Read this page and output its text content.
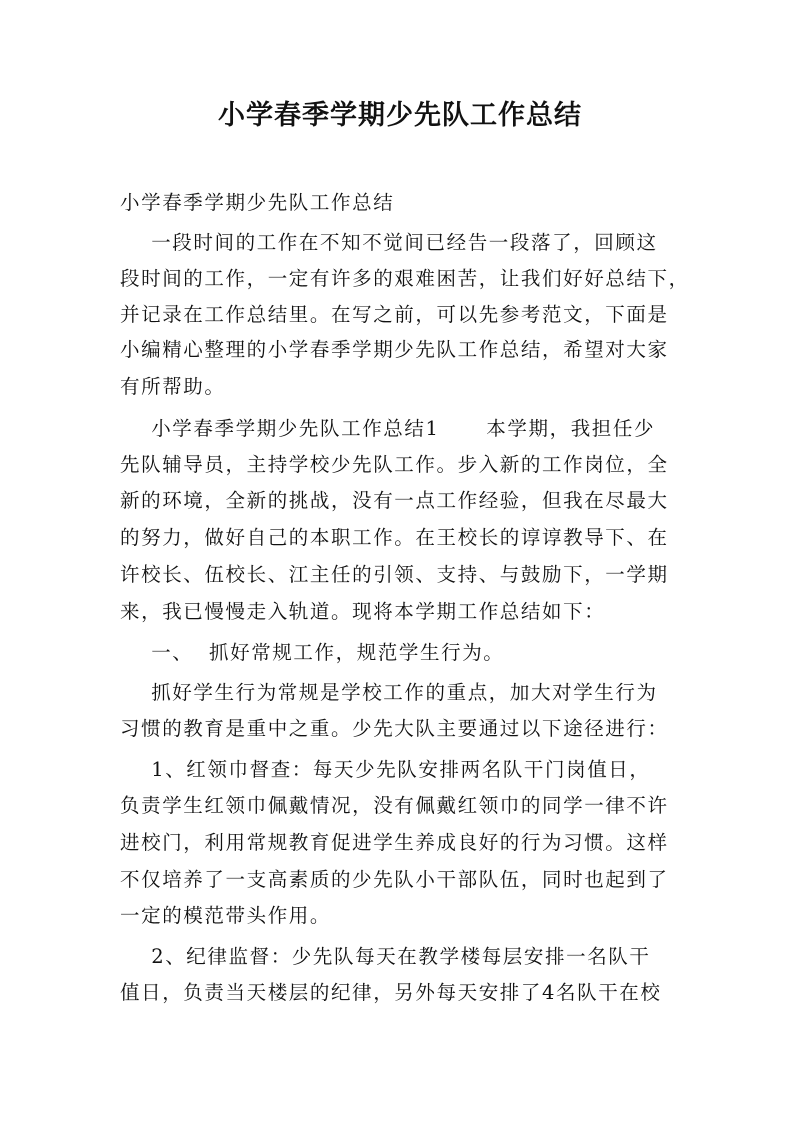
小学春季学期少先队工作总结
小学春季学期少先队工作总结
一段时间的工作在不知不觉间已经告一段落了，回顾这
段时间的工作，一定有许多的艰难困苦，让我们好好总结下，
并记录在工作总结里。在写之前，可以先参考范文，下面是
小编精心整理的小学春季学期少先队工作总结，希望对大家
有所帮助。
小学春季学期少先队工作总结1      本学期，我担任少
先队辅导员，主持学校少先队工作。步入新的工作岗位，全
新的环境，全新的挑战，没有一点工作经验，但我在尽最大
的努力，做好自己的本职工作。在王校长的谆谆教导下、在
许校长、伍校长、江主任的引领、支持、与鼓励下，一学期
来，我已慢慢走入轨道。现将本学期工作总结如下：
一、  抓好常规工作，规范学生行为。
抓好学生行为常规是学校工作的重点，加大对学生行为
习惯的教育是重中之重。少先大队主要通过以下途径进行：
1、红领巾督查：每天少先队安排两名队干门岗值日，
负责学生红领巾佩戴情况，没有佩戴红领巾的同学一律不许
进校门，利用常规教育促进学生养成良好的行为习惯。这样
不仅培养了一支高素质的少先队小干部队伍，同时也起到了
一定的模范带头作用。
2、纪律监督：少先队每天在教学楼每层安排一名队干
值日，负责当天楼层的纪律，另外每天安排了4名队干在校
